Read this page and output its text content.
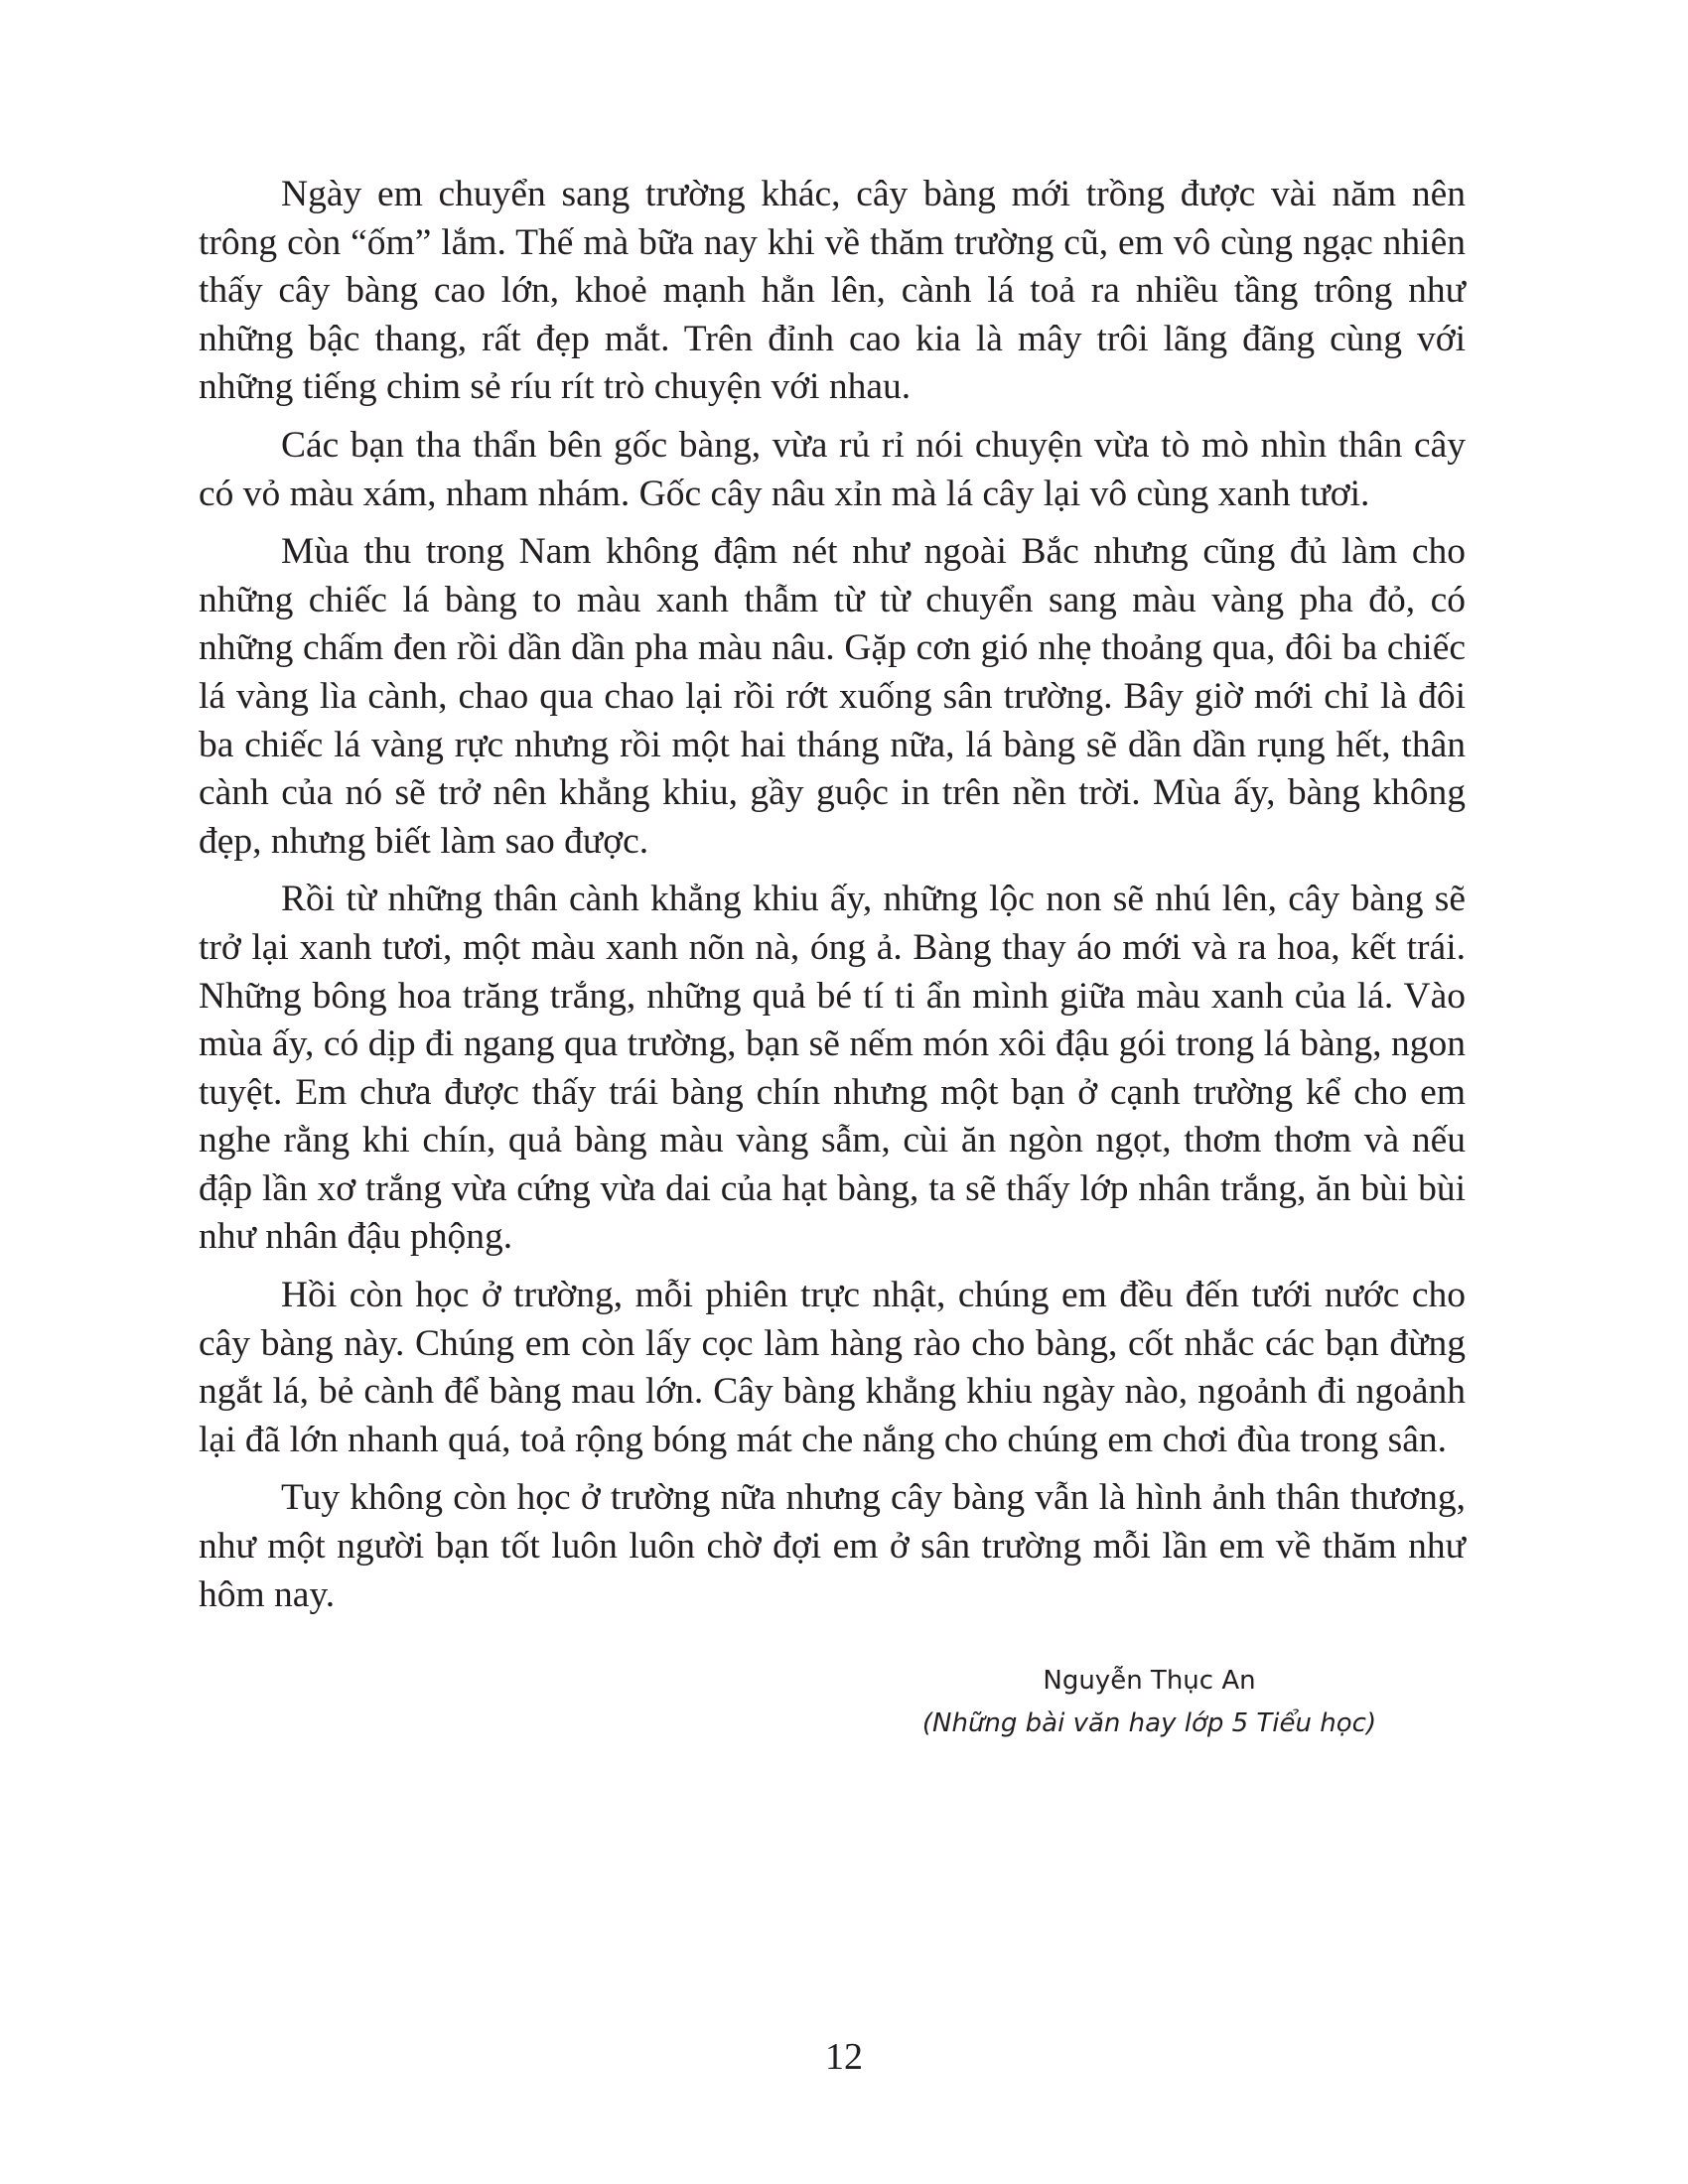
Ngày em chuyển sang trường khác, cây bàng mới trồng được vài năm nên trông còn “ốm” lắm. Thế mà bữa nay khi về thăm trường cũ, em vô cùng ngạc nhiên thấy cây bàng cao lớn, khoẻ mạnh hẳn lên, cành lá toả ra nhiều tầng trông như những bậc thang, rất đẹp mắt. Trên đỉnh cao kia là mây trôi lãng đãng cùng với những tiếng chim sẻ ríu rít trò chuyện với nhau.

Các bạn tha thẩn bên gốc bàng, vừa rủ rỉ nói chuyện vừa tò mò nhìn thân cây có vỏ màu xám, nham nhám. Gốc cây nâu xỉn mà lá cây lại vô cùng xanh tươi.

Mùa thu trong Nam không đậm nét như ngoài Bắc nhưng cũng đủ làm cho những chiếc lá bàng to màu xanh thẫm từ từ chuyển sang màu vàng pha đỏ, có những chấm đen rồi dần dần pha màu nâu. Gặp cơn gió nhẹ thoảng qua, đôi ba chiếc lá vàng lìa cành, chao qua chao lại rồi rớt xuống sân trường. Bây giờ mới chỉ là đôi ba chiếc lá vàng rực nhưng rồi một hai tháng nữa, lá bàng sẽ dần dần rụng hết, thân cành của nó sẽ trở nên khẳng khiu, gầy guộc in trên nền trời. Mùa ấy, bàng không đẹp, nhưng biết làm sao được.

Rồi từ những thân cành khẳng khiu ấy, những lộc non sẽ nhú lên, cây bàng sẽ trở lại xanh tươi, một màu xanh nõn nà, óng ả. Bàng thay áo mới và ra hoa, kết trái. Những bông hoa trăng trắng, những quả bé tí ti ẩn mình giữa màu xanh của lá. Vào mùa ấy, có dịp đi ngang qua trường, bạn sẽ nếm món xôi đậu gói trong lá bàng, ngon tuyệt. Em chưa được thấy trái bàng chín nhưng một bạn ở cạnh trường kể cho em nghe rằng khi chín, quả bàng màu vàng sẫm, cùi ăn ngòn ngọt, thơm thơm và nếu đập lần xơ trắng vừa cứng vừa dai của hạt bàng, ta sẽ thấy lớp nhân trắng, ăn bùi bùi như nhân đậu phộng.

Hồi còn học ở trường, mỗi phiên trực nhật, chúng em đều đến tưới nước cho cây bàng này. Chúng em còn lấy cọc làm hàng rào cho bàng, cốt nhắc các bạn đừng ngắt lá, bẻ cành để bàng mau lớn. Cây bàng khẳng khiu ngày nào, ngoảnh đi ngoảnh lại đã lớn nhanh quá, toả rộng bóng mát che nắng cho chúng em chơi đùa trong sân.

Tuy không còn học ở trường nữa nhưng cây bàng vẫn là hình ảnh thân thương, như một người bạn tốt luôn luôn chờ đợi em ở sân trường mỗi lần em về thăm như hôm nay.

Nguyễn Thục An
(Những bài văn hay lớp 5 Tiểu học)
12
